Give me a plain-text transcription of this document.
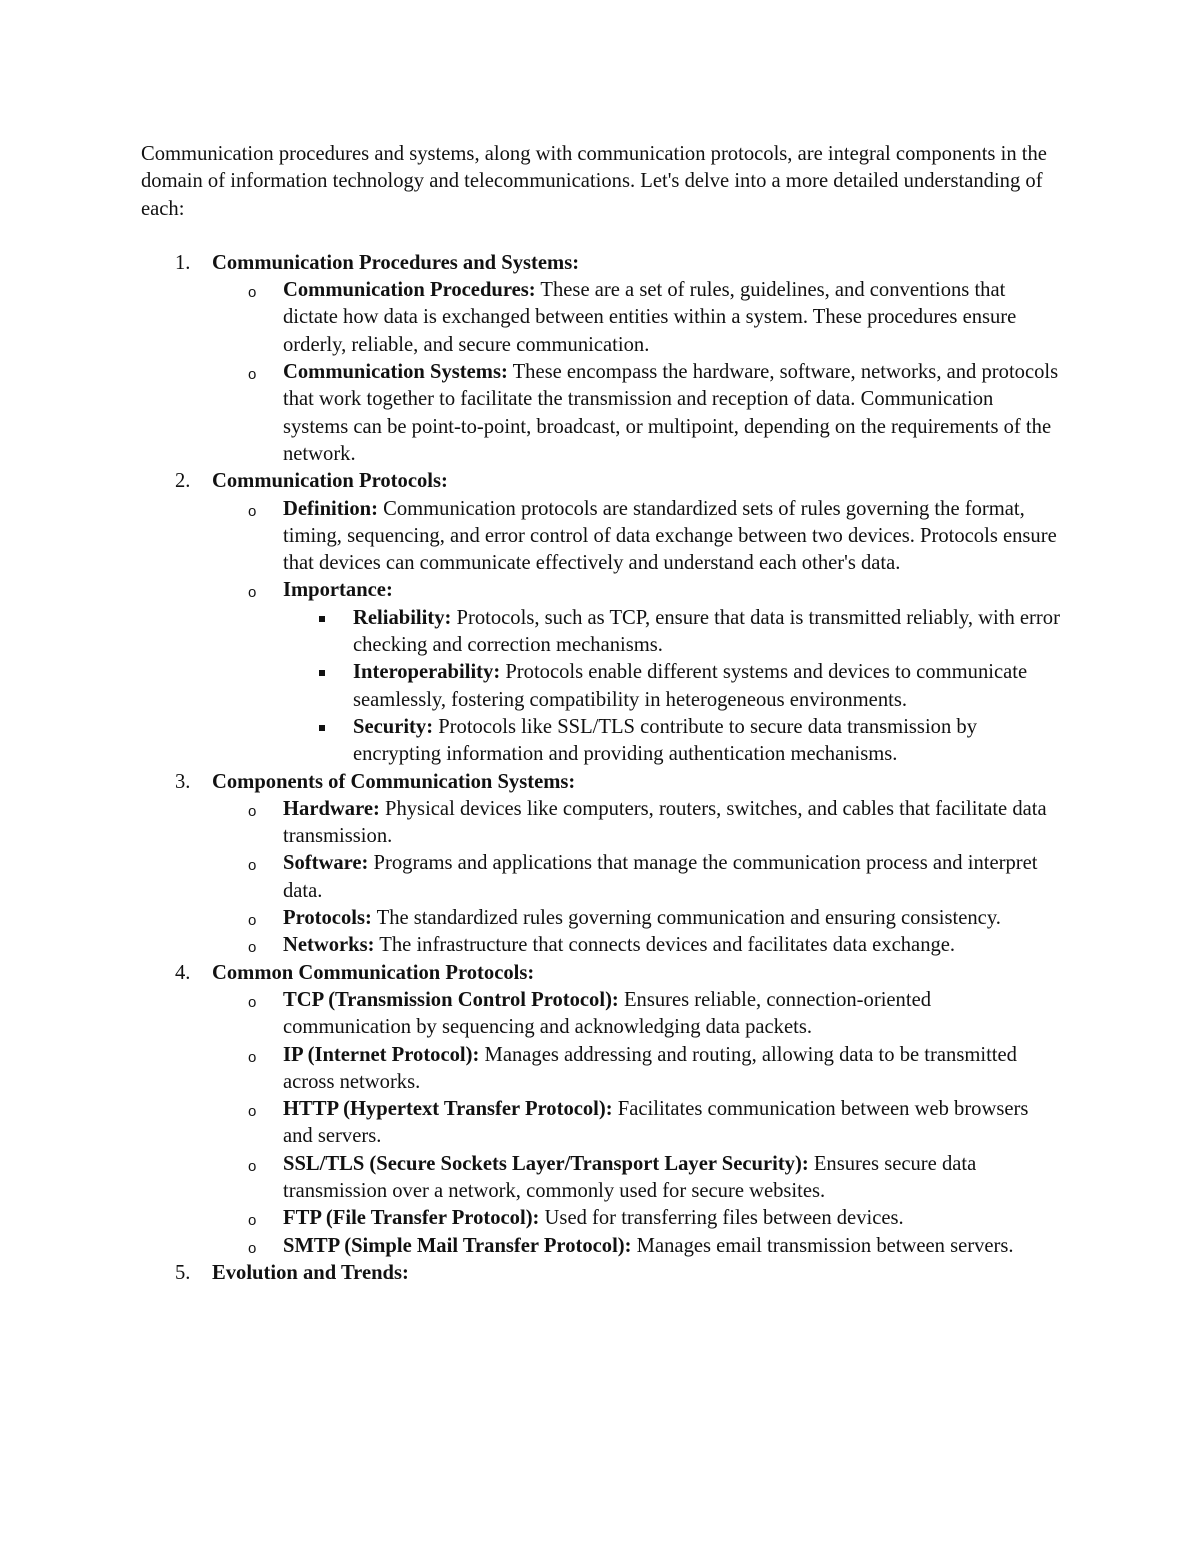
Communication procedures and systems, along with communication protocols, are integral components in the domain of information technology and telecommunications. Let's delve into a more detailed understanding of each:

1. Communication Procedures and Systems:
o Communication Procedures: These are a set of rules, guidelines, and conventions that dictate how data is exchanged between entities within a system. These procedures ensure orderly, reliable, and secure communication.
o Communication Systems: These encompass the hardware, software, networks, and protocols that work together to facilitate the transmission and reception of data. Communication systems can be point-to-point, broadcast, or multipoint, depending on the requirements of the network.
2. Communication Protocols:
o Definition: Communication protocols are standardized sets of rules governing the format, timing, sequencing, and error control of data exchange between two devices. Protocols ensure that devices can communicate effectively and understand each other's data.
o Importance:
Reliability: Protocols, such as TCP, ensure that data is transmitted reliably, with error checking and correction mechanisms.
Interoperability: Protocols enable different systems and devices to communicate seamlessly, fostering compatibility in heterogeneous environments.
Security: Protocols like SSL/TLS contribute to secure data transmission by encrypting information and providing authentication mechanisms.
3. Components of Communication Systems:
o Hardware: Physical devices like computers, routers, switches, and cables that facilitate data transmission.
o Software: Programs and applications that manage the communication process and interpret data.
o Protocols: The standardized rules governing communication and ensuring consistency.
o Networks: The infrastructure that connects devices and facilitates data exchange.
4. Common Communication Protocols:
o TCP (Transmission Control Protocol): Ensures reliable, connection-oriented communication by sequencing and acknowledging data packets.
o IP (Internet Protocol): Manages addressing and routing, allowing data to be transmitted across networks.
o HTTP (Hypertext Transfer Protocol): Facilitates communication between web browsers and servers.
o SSL/TLS (Secure Sockets Layer/Transport Layer Security): Ensures secure data transmission over a network, commonly used for secure websites.
o FTP (File Transfer Protocol): Used for transferring files between devices.
o SMTP (Simple Mail Transfer Protocol): Manages email transmission between servers.
5. Evolution and Trends:
